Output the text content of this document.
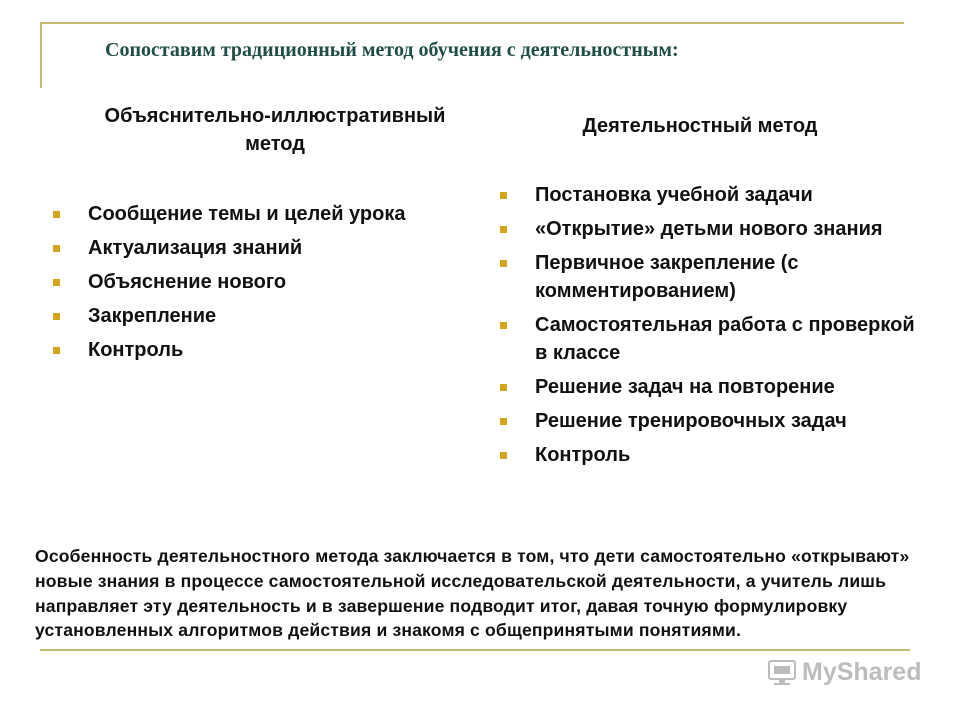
Сопоставим традиционный метод обучения с деятельностным:
Объяснительно-иллюстративный
метод
Деятельностный метод
Сообщение темы и целей урока
Актуализация знаний
Объяснение нового
Закрепление
Контроль
Постановка учебной задачи
«Открытие» детьми нового знания
Первичное закрепление (с комментированием)
Самостоятельная работа с проверкой в классе
Решение задач на повторение
Решение тренировочных задач
Контроль
Особенность деятельностного метода заключается в том, что дети самостоятельно «открывают» новые знания в процессе самостоятельной исследовательской деятельности, а учитель лишь направляет эту деятельность и в завершение подводит итог, давая точную формулировку установленных алгоритмов действия и знакомя с общепринятыми понятиями.
MyShared
